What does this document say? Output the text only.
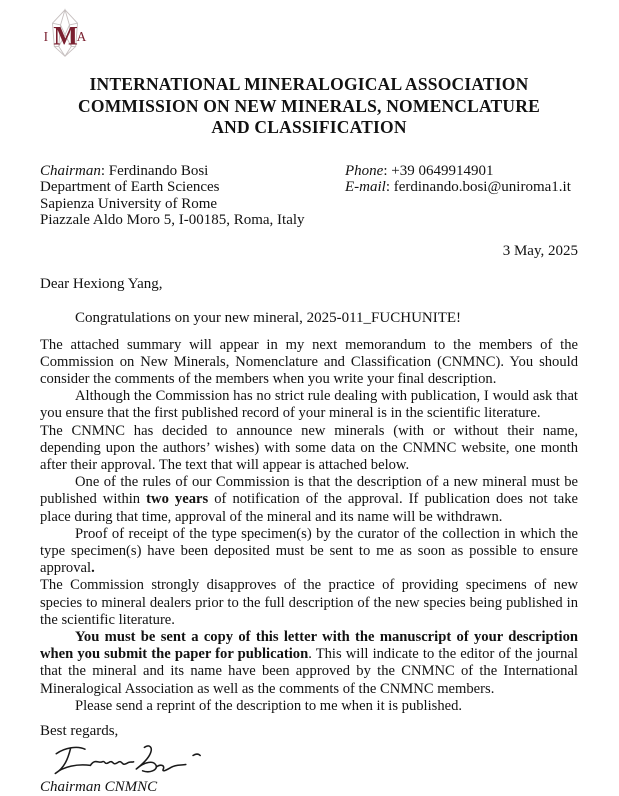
I M
A
INTERNATIONAL MINERALOGICAL ASSOCIATION
COMMISSION ON NEW MINERALS, NOMENCLATURE
AND CLASSIFICATION
Chairman: Ferdinando Bosi
Department of Earth Sciences
Sapienza University of Rome
Piazzale Aldo Moro 5, I-00185, Roma, Italy
Phone: +39 0649914901
E-mail: ferdinando.bosi@uniroma1.it
3 May, 2025
Dear Hexiong Yang,
Congratulations on your new mineral, 2025-011_FUCHUNITE!

The attached summary will appear in my next memorandum to the members of the Commission on New Minerals, Nomenclature and Classification (CNMNC). You should consider the comments of the members when you write your final description.

Although the Commission has no strict rule dealing with publication, I would ask that you ensure that the first published record of your mineral is in the scientific literature.

The CNMNC has decided to announce new minerals (with or without their name, depending upon the authors’ wishes) with some data on the CNMNC website, one month after their approval. The text that will appear is attached below.

One of the rules of our Commission is that the description of a new mineral must be published within two years of notification of the approval. If publication does not take place during that time, approval of the mineral and its name will be withdrawn.

Proof of receipt of the type specimen(s) by the curator of the collection in which the type specimen(s) have been deposited must be sent to me as soon as possible to ensure approval.

The Commission strongly disapproves of the practice of providing specimens of new species to mineral dealers prior to the full description of the new species being published in the scientific literature.

You must be sent a copy of this letter with the manuscript of your description when you submit the paper for publication. This will indicate to the editor of the journal that the mineral and its name have been approved by the CNMNC of the International Mineralogical Association as well as the comments of the CNMNC members.

Please send a reprint of the description to me when it is published.

Best regards,
Chairman CNMNC
